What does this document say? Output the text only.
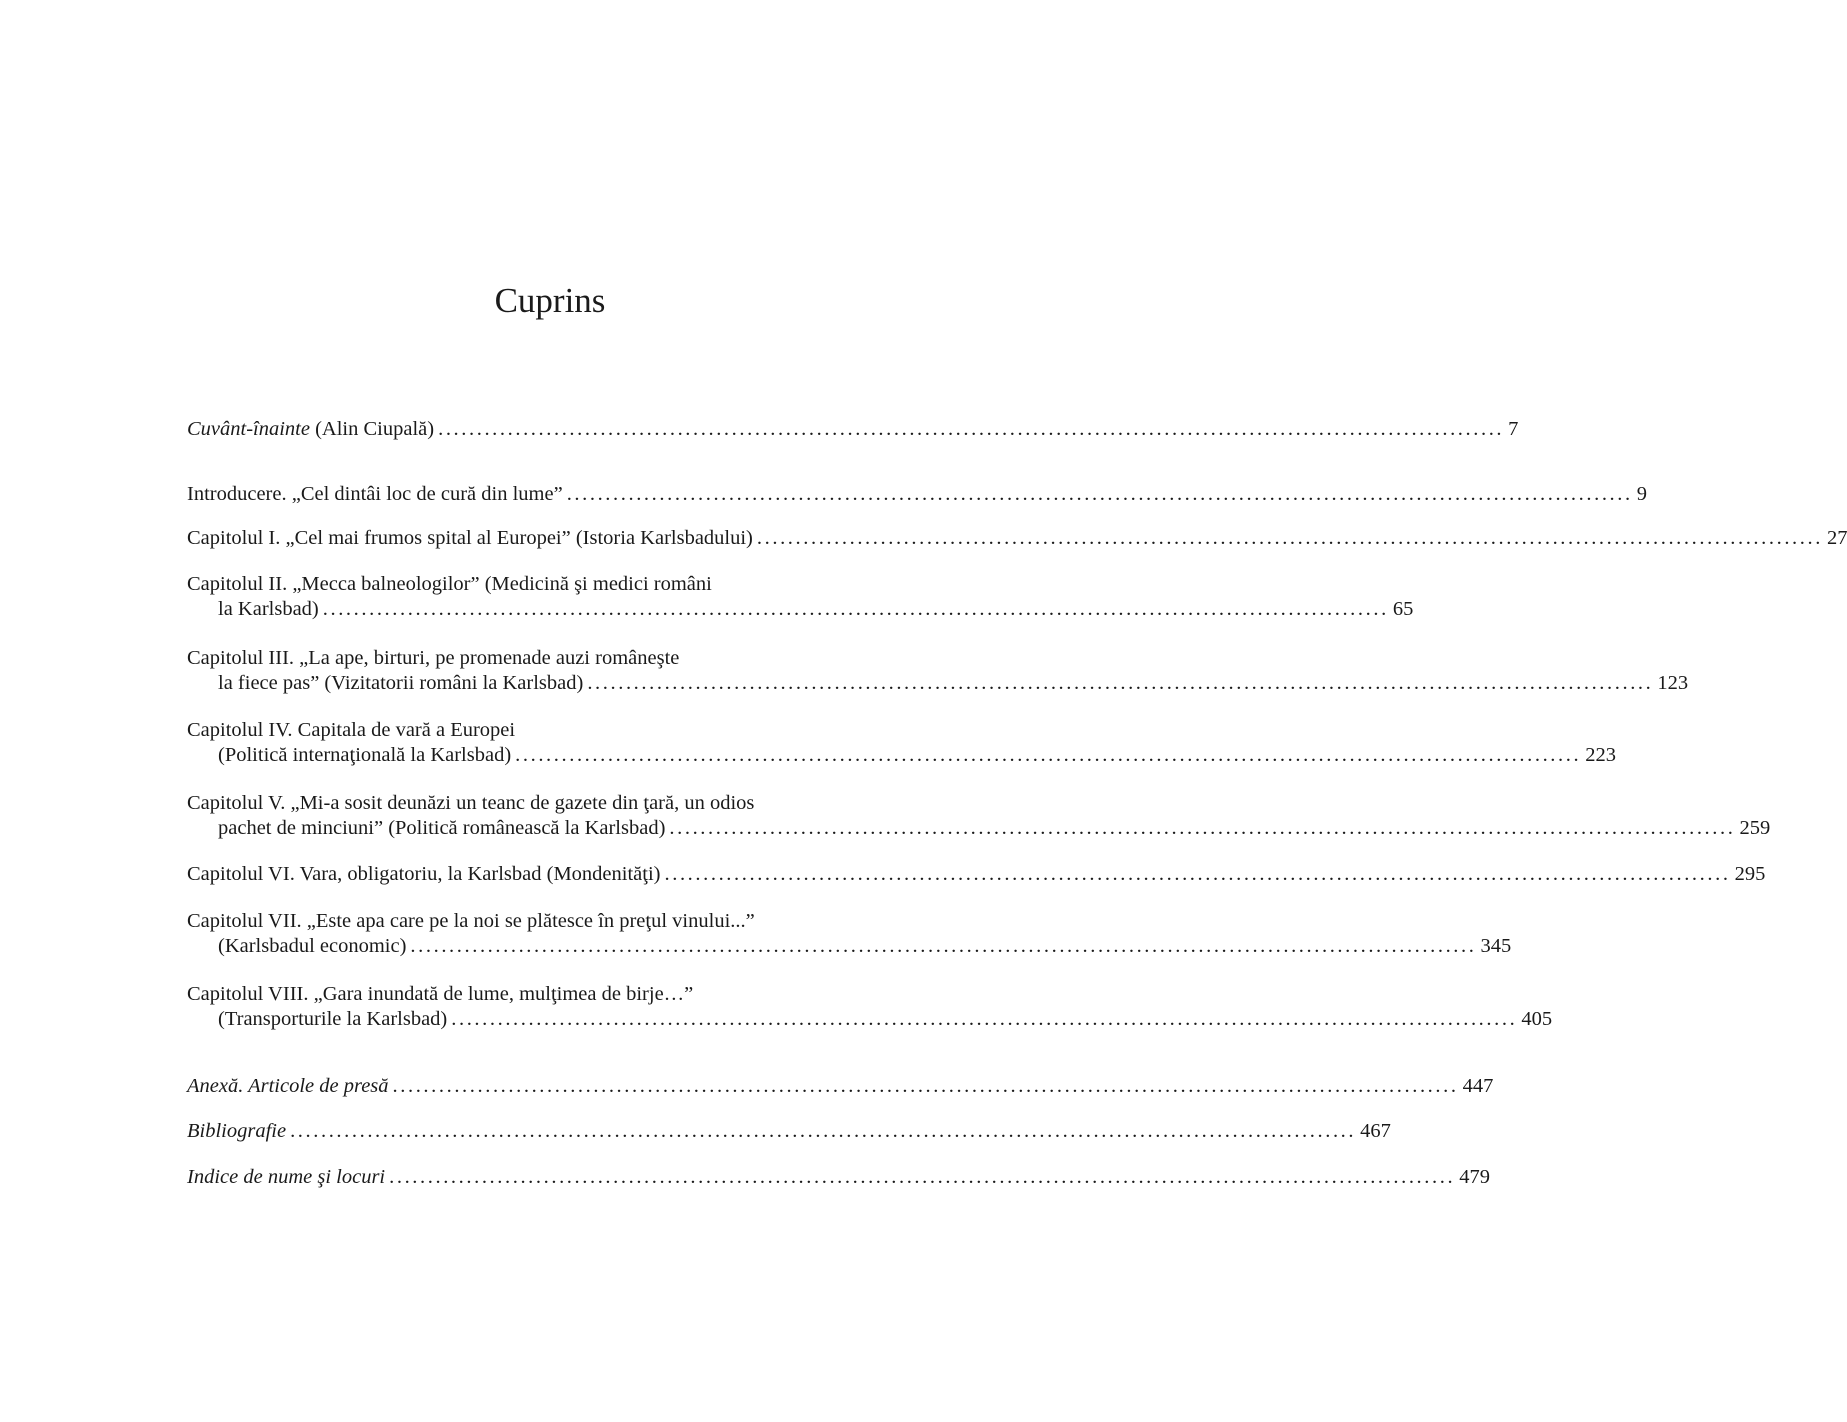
Cuprins
Cuvânt-înainte (Alin Ciupală) .......................................................................................................................................... 7
Introducere. „Cel dintâi loc de cură din lume” .......................................................................................................................................... 9
Capitolul I. „Cel mai frumos spital al Europei” (Istoria Karlsbadului) .......................................................................................................................................... 27
Capitolul II. „Mecca balneologilor” (Medicină şi medici români
la Karlsbad) .......................................................................................................................................... 65
Capitolul III. „La ape, birturi, pe promenade auzi româneşte
la fiece pas” (Vizitatorii români la Karlsbad) .......................................................................................................................................... 123
Capitolul IV. Capitala de vară a Europei
(Politică internaţională la Karlsbad) .......................................................................................................................................... 223
Capitolul V. „Mi-a sosit deunăzi un teanc de gazete din ţară, un odios
pachet de minciuni” (Politică românească la Karlsbad) .......................................................................................................................................... 259
Capitolul VI. Vara, obligatoriu, la Karlsbad (Mondenităţi) .......................................................................................................................................... 295
Capitolul VII. „Este apa care pe la noi se plătesce în preţul vinului...”
(Karlsbadul economic) .......................................................................................................................................... 345
Capitolul VIII. „Gara inundată de lume, mulţimea de birje…”
(Transporturile la Karlsbad) .......................................................................................................................................... 405
Anexă. Articole de presă .......................................................................................................................................... 447
Bibliografie .......................................................................................................................................... 467
Indice de nume şi locuri .......................................................................................................................................... 479
